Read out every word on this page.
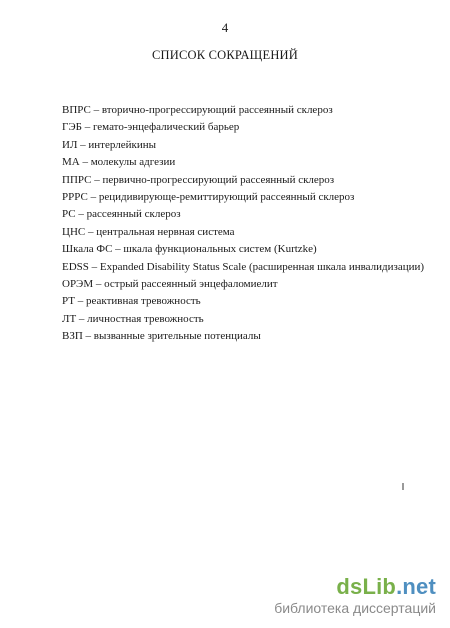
4
СПИСОК СОКРАЩЕНИЙ
ВПРС – вторично-прогрессирующий рассеянный склероз
ГЭБ – гемато-энцефалический барьер
ИЛ – интерлейкины
МА – молекулы адгезии
ППРС – первично-прогрессирующий рассеянный склероз
РРРС – рецидивирующе-ремиттирующий рассеянный склероз
РС – рассеянный склероз
ЦНС – центральная нервная система
Шкала ФС – шкала функциональных систем (Kurtzke)
EDSS – Expanded Disability Status Scale (расширенная шкала инвалидизации)
ОРЭМ – острый рассеянный энцефаломиелит
РТ – реактивная тревожность
ЛТ – личностная тревожность
ВЗП – вызванные зрительные потенциалы
dsLib.net
библиотека диссертаций
